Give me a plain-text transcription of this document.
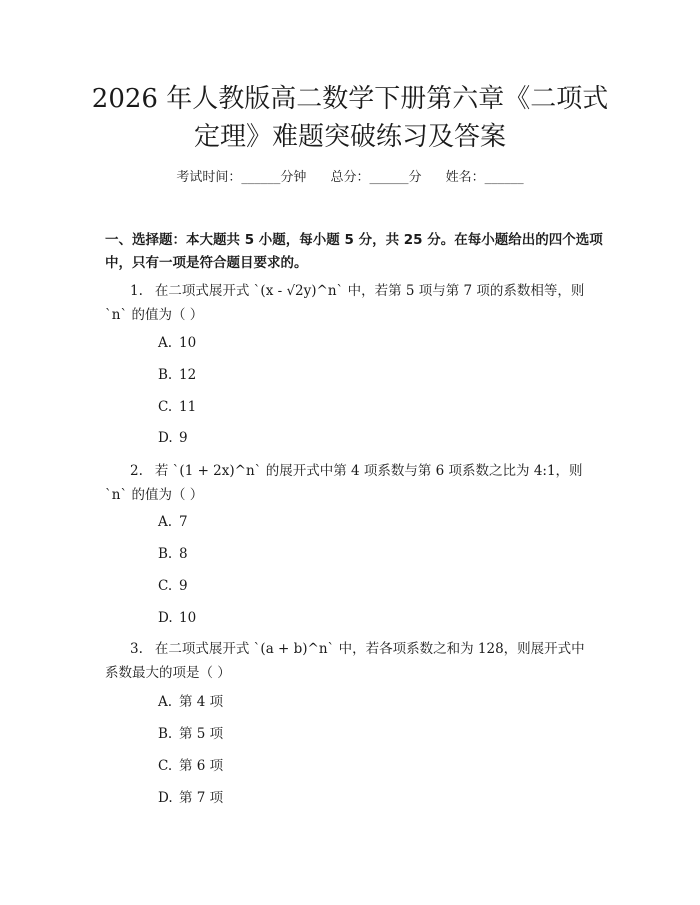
2026 年人教版高二数学下册第六章《二项式
定理》难题突破练习及答案
考试时间：______分钟 总分：______分 姓名：______
一、选择题：本大题共 5 小题，每小题 5 分，共 25 分。在每小题给出的四个选项
中，只有一项是符合题目要求的。
1. 在二项式展开式 `(x - √2y)^n` 中，若第 5 项与第 7 项的系数相等，则
`n` 的值为（ ）
A. 10
B. 12
C. 11
D. 9
2. 若 `(1 + 2x)^n` 的展开式中第 4 项系数与第 6 项系数之比为 4:1，则
`n` 的值为（ ）
A. 7
B. 8
C. 9
D. 10
3. 在二项式展开式 `(a + b)^n` 中，若各项系数之和为 128，则展开式中
系数最大的项是（ ）
A. 第 4 项
B. 第 5 项
C. 第 6 项
D. 第 7 项
